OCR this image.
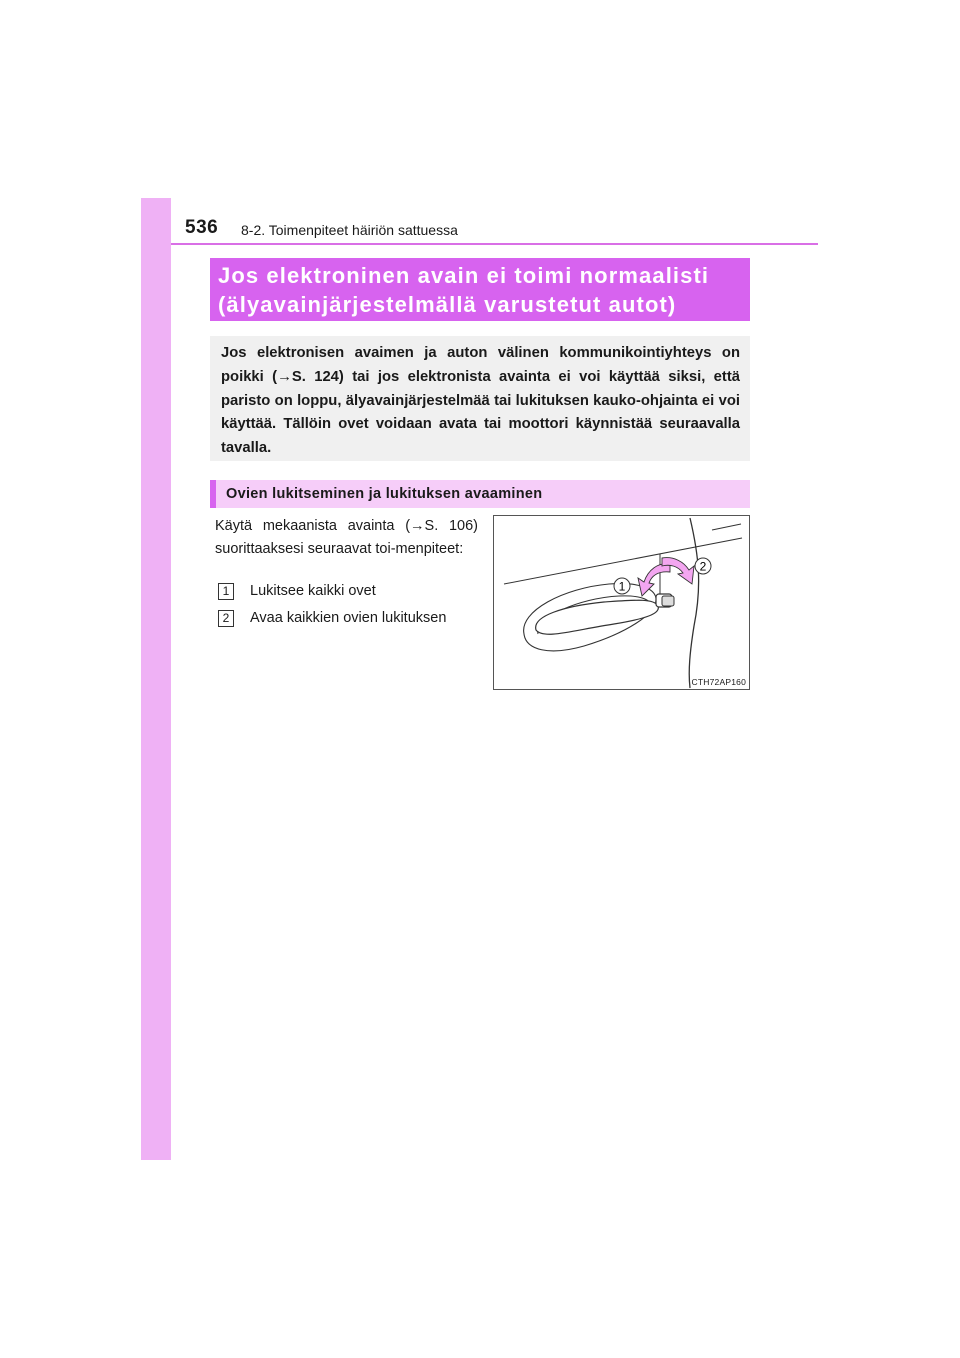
536 8-2. Toimenpiteet häiriön sattuessa
Jos elektroninen avain ei toimi normaalisti
(älyavainjärjestelmällä varustetut autot)
Jos elektronisen avaimen ja auton välinen kommunikointiyhteys on poikki (→S. 124) tai jos elektronista avainta ei voi käyttää siksi, että paristo on loppu, älyavainjärjestelmää tai lukituksen kauko-ohjainta ei voi käyttää. Tällöin ovet voidaan avata tai moottori käynnistää seuraavalla tavalla.
Ovien lukitseminen ja lukituksen avaaminen
Käytä mekaanista avainta (→S. 106) suorittaaksesi seuraavat toi-menpiteet:
1	Lukitsee kaikki ovet
2	Avaa kaikkien ovien lukituksen
1
2
CTH72AP160
